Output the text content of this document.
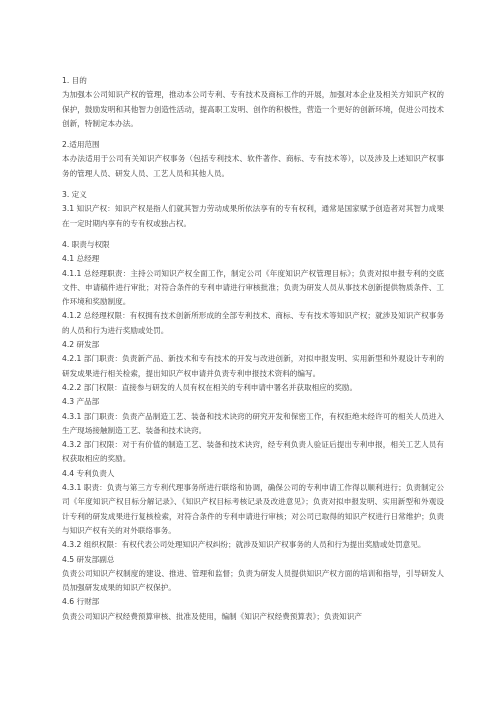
1. 目的

为加强本公司知识产权的管理，推动本公司专利、专有技术及商标工作的开展，加强对本企业及相关方知识产权的保护，鼓励发明和其他智力创造性活动，提高职工发明、创作的积极性，营造一个更好的创新环境，促进公司技术创新，特制定本办法。

2.适用范围

本办法适用于公司有关知识产权事务（包括专利技术、软件著作、商标、专有技术等），以及涉及上述知识产权事务的管理人员、研发人员、工艺人员和其他人员。

3. 定义

3.1 知识产权：知识产权是指人们就其智力劳动成果所依法享有的专有权利，通常是国家赋予创造者对其智力成果在一定时期内享有的专有权或独占权。

4. 职责与权限

4.1 总经理

4.1.1 总经理职责：主持公司知识产权全面工作，制定公司《年度知识产权管理目标》；负责对拟申报专利的交底文件、申请稿件进行审批；对符合条件的专利申请进行审核批准；负责为研发人员从事技术创新提供物质条件、工作环境和奖励制度。

4.1.2 总经理权限：有权拥有技术创新所形成的全部专利技术、商标、专有技术等知识产权；就涉及知识产权事务的人员和行为进行奖励或处罚。

4.2 研发部

4.2.1 部门职责：负责新产品、新技术和专有技术的开发与改进创新，对拟申报发明、实用新型和外观设计专利的研发成果进行相关检索，提出知识产权申请并负责专利申报技术资料的编写。

4.2.2 部门权限：直接参与研发的人员有权在相关的专利申请中署名并获取相应的奖励。

4.3 产品部

4.3.1 部门职责：负责产品制造工艺、装备和技术诀窍的研究开发和保密工作，有权拒绝未经许可的相关人员进入生产现场接触制造工艺、装备和技术诀窍。

4.3.2 部门权限：对于有价值的制造工艺、装备和技术诀窍，经专利负责人验证后提出专利申报，相关工艺人员有权获取相应的奖励。

4.4 专利负责人

4.3.1 职责：负责与第三方专利代理事务所进行联络和协调，确保公司的专利申请工作得以顺利进行；负责制定公司《年度知识产权目标分解记录》、《知识产权目标考核记录及改进意见》；负责对拟申报发明、实用新型和外观设计专利的研发成果进行复核检索，对符合条件的专利申请进行审核；对公司已取得的知识产权进行日常维护；负责与知识产权有关的对外联络事务。

4.3.2 组织权限：有权代表公司处理知识产权纠纷；就涉及知识产权事务的人员和行为提出奖励或处罚意见。

4.5 研发部副总

负责公司知识产权制度的建设、推进、管理和监督；负责为研发人员提供知识产权方面的培训和指导，引导研发人员加强研发成果的知识产权保护。

4.6 行财部

负责公司知识产权经费预算审核、批准及使用，编制《知识产权经费预算表》；负责知识产
